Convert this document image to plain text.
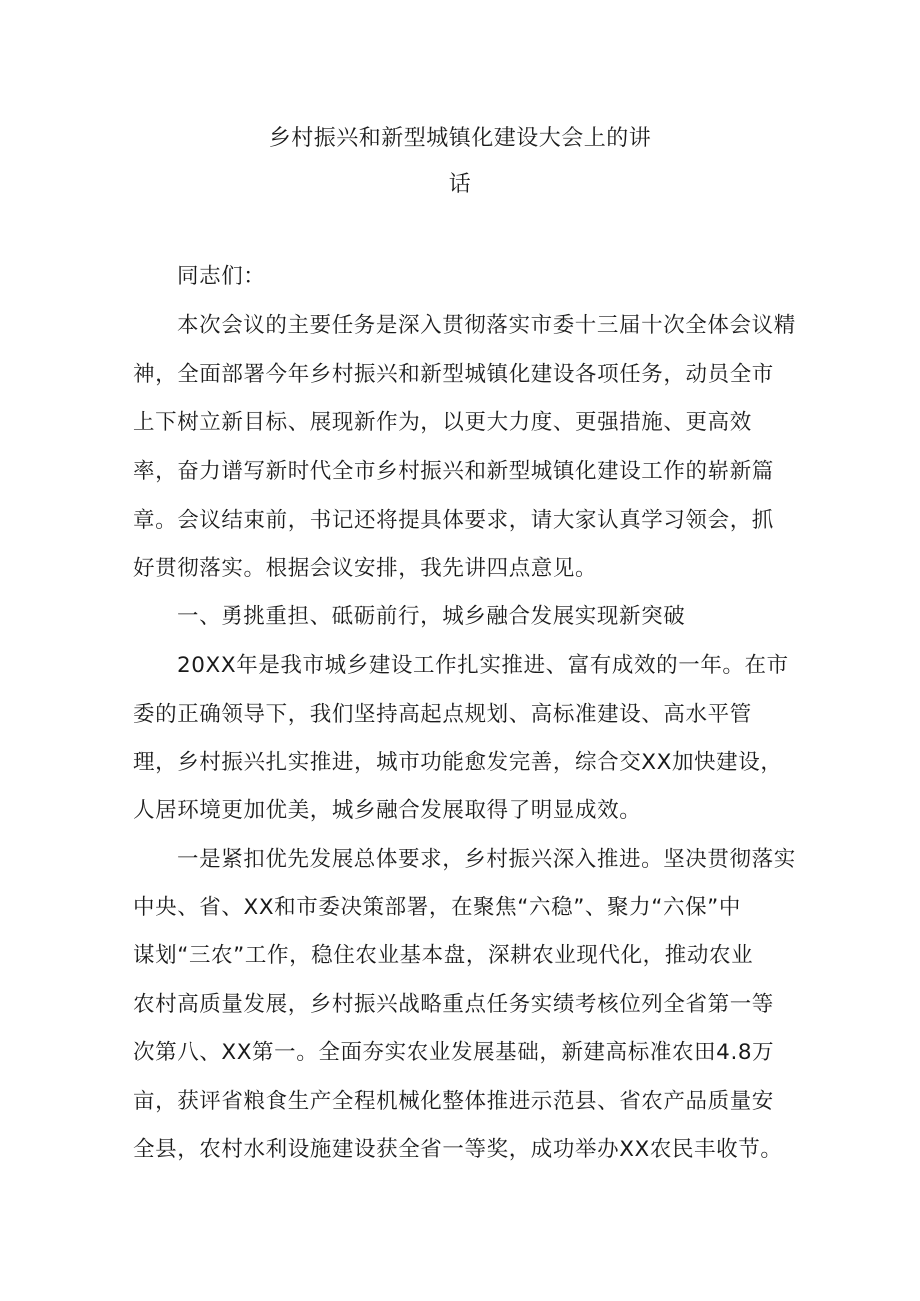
乡村振兴和新型城镇化建设大会上的讲
话
同志们：
本次会议的主要任务是深入贯彻落实市委十三届十次全体会议精
神，全面部署今年乡村振兴和新型城镇化建设各项任务，动员全市
上下树立新目标、展现新作为，以更大力度、更强措施、更高效
率，奋力谱写新时代全市乡村振兴和新型城镇化建设工作的崭新篇
章。会议结束前，书记还将提具体要求，请大家认真学习领会，抓
好贯彻落实。根据会议安排，我先讲四点意见。
一、勇挑重担、砥砺前行，城乡融合发展实现新突破
20XX年是我市城乡建设工作扎实推进、富有成效的一年。在市
委的正确领导下，我们坚持高起点规划、高标准建设、高水平管
理，乡村振兴扎实推进，城市功能愈发完善，综合交XX加快建设，
人居环境更加优美，城乡融合发展取得了明显成效。
一是紧扣优先发展总体要求，乡村振兴深入推进。坚决贯彻落实
中央、省、XX和市委决策部署，在聚焦“六稳”、聚力“六保”中
谋划“三农”工作，稳住农业基本盘，深耕农业现代化，推动农业
农村高质量发展，乡村振兴战略重点任务实绩考核位列全省第一等
次第八、XX第一。全面夯实农业发展基础，新建高标准农田4.8万
亩，获评省粮食生产全程机械化整体推进示范县、省农产品质量安
全县，农村水利设施建设获全省一等奖，成功举办XX农民丰收节。
